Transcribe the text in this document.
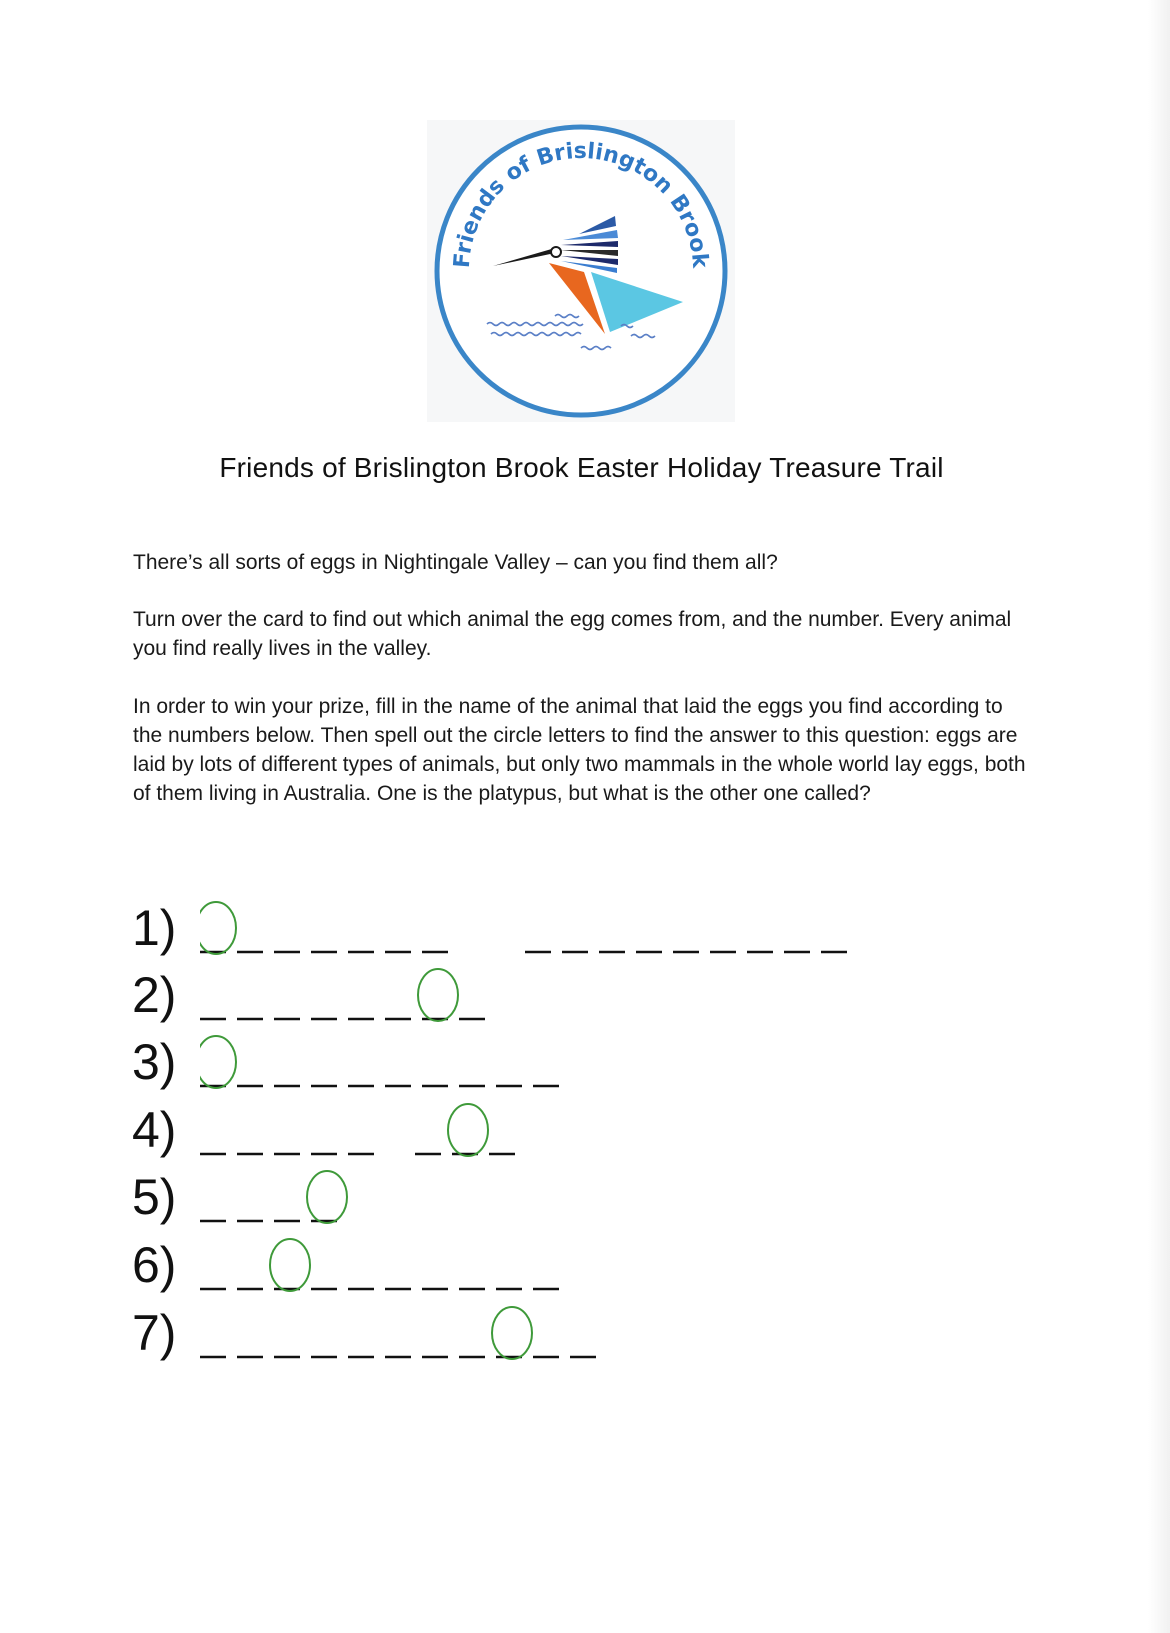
Friends of Brislington Brook
Friends of Brislington Brook Easter Holiday Treasure Trail
There’s all sorts of eggs in Nightingale Valley – can you find them all?
Turn over the card to find out which animal the egg comes from, and the number. Every animal you find really lives in the valley.
In order to win your prize, fill in the name of the animal that laid the eggs you find according to the numbers below. Then spell out the circle letters to find the answer to this question: eggs are laid by lots of different types of animals, but only two mammals in the whole world lay eggs, both of them living in Australia. One is the platypus, but what is the other one called?
1)
2)
3)
4)
5)
6)
7)
